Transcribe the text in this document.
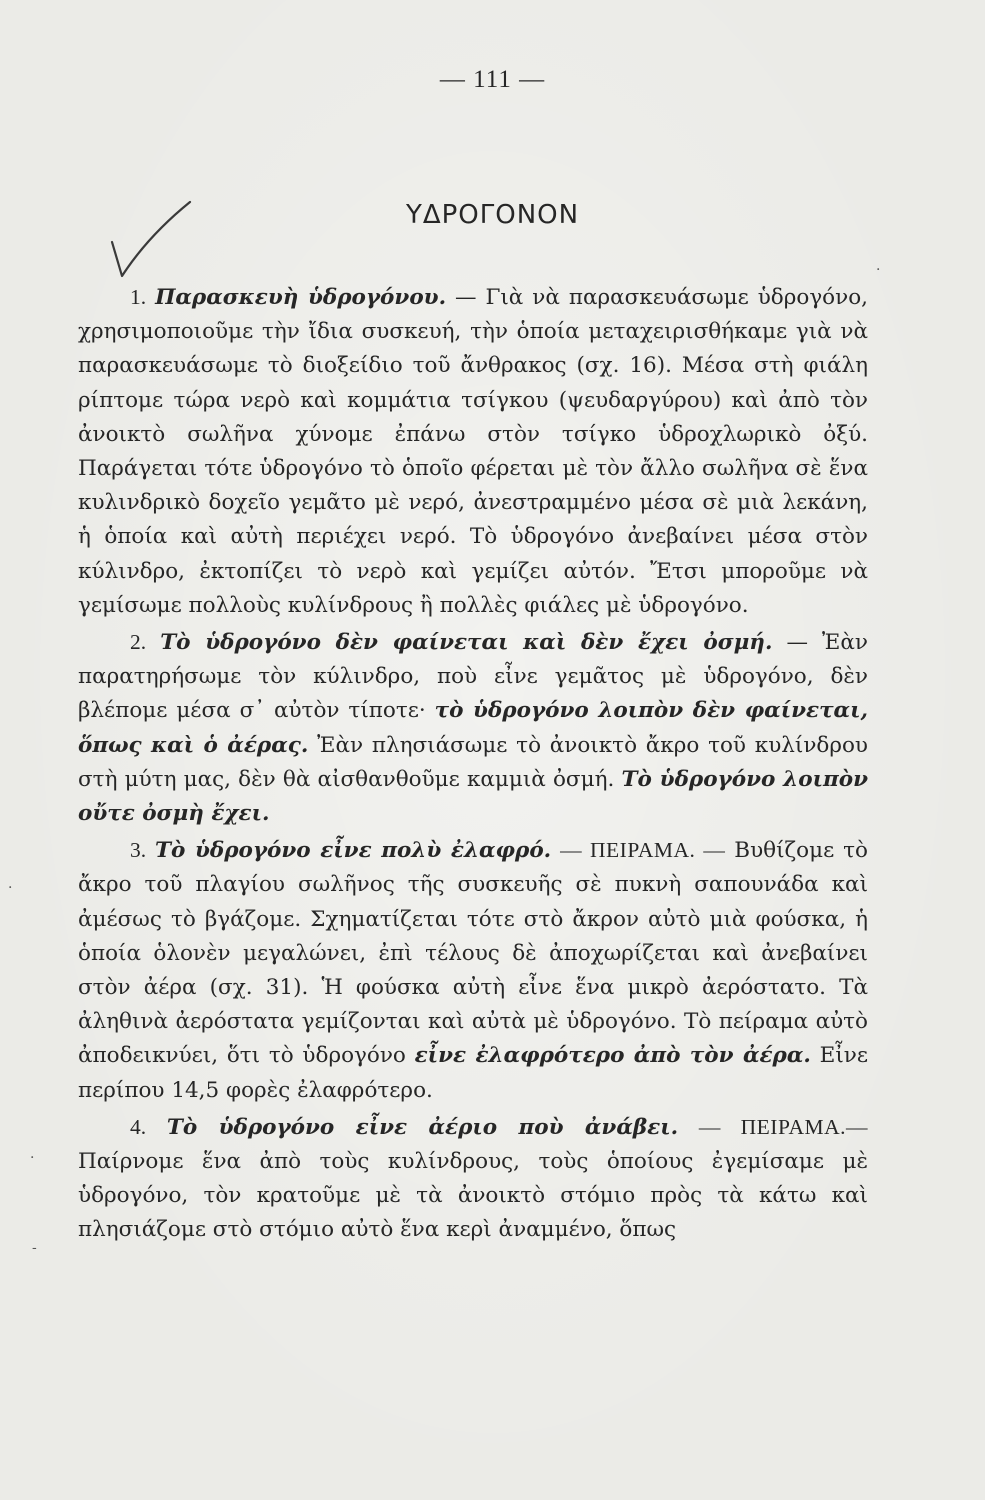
— 111 —
ΥΔΡΟΓΟΝΟΝ

1. Παρασκευὴ ὑδρογόνου. — Γιὰ νὰ παρασκευάσωμε ὑδρογόνο, χρησιμοποιοῦμε τὴν ἴδια συσκευή, τὴν ὁποία μεταχειρισθήκαμε γιὰ νὰ παρασκευάσωμε τὸ διοξείδιο τοῦ ἄνθρακος (σχ. 16). Μέσα στὴ φιάλη ρίπτομε τώρα νερὸ καὶ κομμάτια τσίγκου (ψευδαργύρου) καὶ ἀπὸ τὸν ἀνοικτὸ σωλῆνα χύνομε ἐπάνω στὸν τσίγκο ὑδροχλωρικὸ ὀξύ. Παράγεται τότε ὑδρογόνο τὸ ὁποῖο φέρεται μὲ τὸν ἄλλο σωλῆνα σὲ ἕνα κυλινδρικὸ δοχεῖο γεμᾶτο μὲ νερό, ἀνεστραμμένο μέσα σὲ μιὰ λεκάνη, ἡ ὁποία καὶ αὐτὴ περιέχει νερό. Τὸ ὑδρογόνο ἀνεβαίνει μέσα στὸν κύλινδρο, ἐκτοπίζει τὸ νερὸ καὶ γεμίζει αὐτόν. Ἔτσι μποροῦμε νὰ γεμίσωμε πολλοὺς κυλίνδρους ἢ πολλὲς φιάλες μὲ ὑδρογόνο.

2. Τὸ ὑδρογόνο δὲν φαίνεται καὶ δὲν ἔχει ὀσμή. — Ἐὰν παρατηρήσωμε τὸν κύλινδρο, ποὺ εἶνε γεμᾶτος μὲ ὑδρογόνο, δὲν βλέπομε μέσα σ᾽ αὐτὸν τίποτε· τὸ ὑδρογόνο λοιπὸν δὲν φαίνεται, ὅπως καὶ ὁ ἀέρας. Ἐὰν πλησιάσωμε τὸ ἀνοικτὸ ἄκρο τοῦ κυλίνδρου στὴ μύτη μας, δὲν θὰ αἰσθανθοῦμε καμμιὰ ὀσμή. Τὸ ὑδρογόνο λοιπὸν οὔτε ὀσμὴ ἔχει.

3. Τὸ ὑδρογόνο εἶνε πολὺ ἐλαφρό. — ΠΕΙΡΑΜΑ. — Βυθίζομε τὸ ἄκρο τοῦ πλαγίου σωλῆνος τῆς συσκευῆς σὲ πυκνὴ σαπουνάδα καὶ ἀμέσως τὸ βγάζομε. Σχηματίζεται τότε στὸ ἄκρον αὐτὸ μιὰ φούσκα, ἡ ὁποία ὁλονὲν μεγαλώνει, ἐπὶ τέλους δὲ ἀποχωρίζεται καὶ ἀνεβαίνει στὸν ἀέρα (σχ. 31). Ἡ φούσκα αὐτὴ εἶνε ἕνα μικρὸ ἀερόστατο. Τὰ ἀληθινὰ ἀερόστατα γεμίζονται καὶ αὐτὰ μὲ ὑδρογόνο. Τὸ πείραμα αὐτὸ ἀποδεικνύει, ὅτι τὸ ὑδρογόνο εἶνε ἐλαφρότερο ἀπὸ τὸν ἀέρα. Εἶνε περίπου 14,5 φορὲς ἐλαφρότερο.

4. Τὸ ὑδρογόνο εἶνε ἀέριο ποὺ ἀνάβει. — ΠΕΙΡΑΜΑ.— Παίρνομε ἕνα ἀπὸ τοὺς κυλίνδρους, τοὺς ὁποίους ἐγεμίσαμε μὲ ὑδρογόνο, τὸν κρατοῦμε μὲ τὰ ἀνοικτὸ στόμιο πρὸς τὰ κάτω καὶ πλησιάζομε στὸ στόμιο αὐτὸ ἕνα κερὶ ἀναμμένο, ὅπως

·
·
‐
·
